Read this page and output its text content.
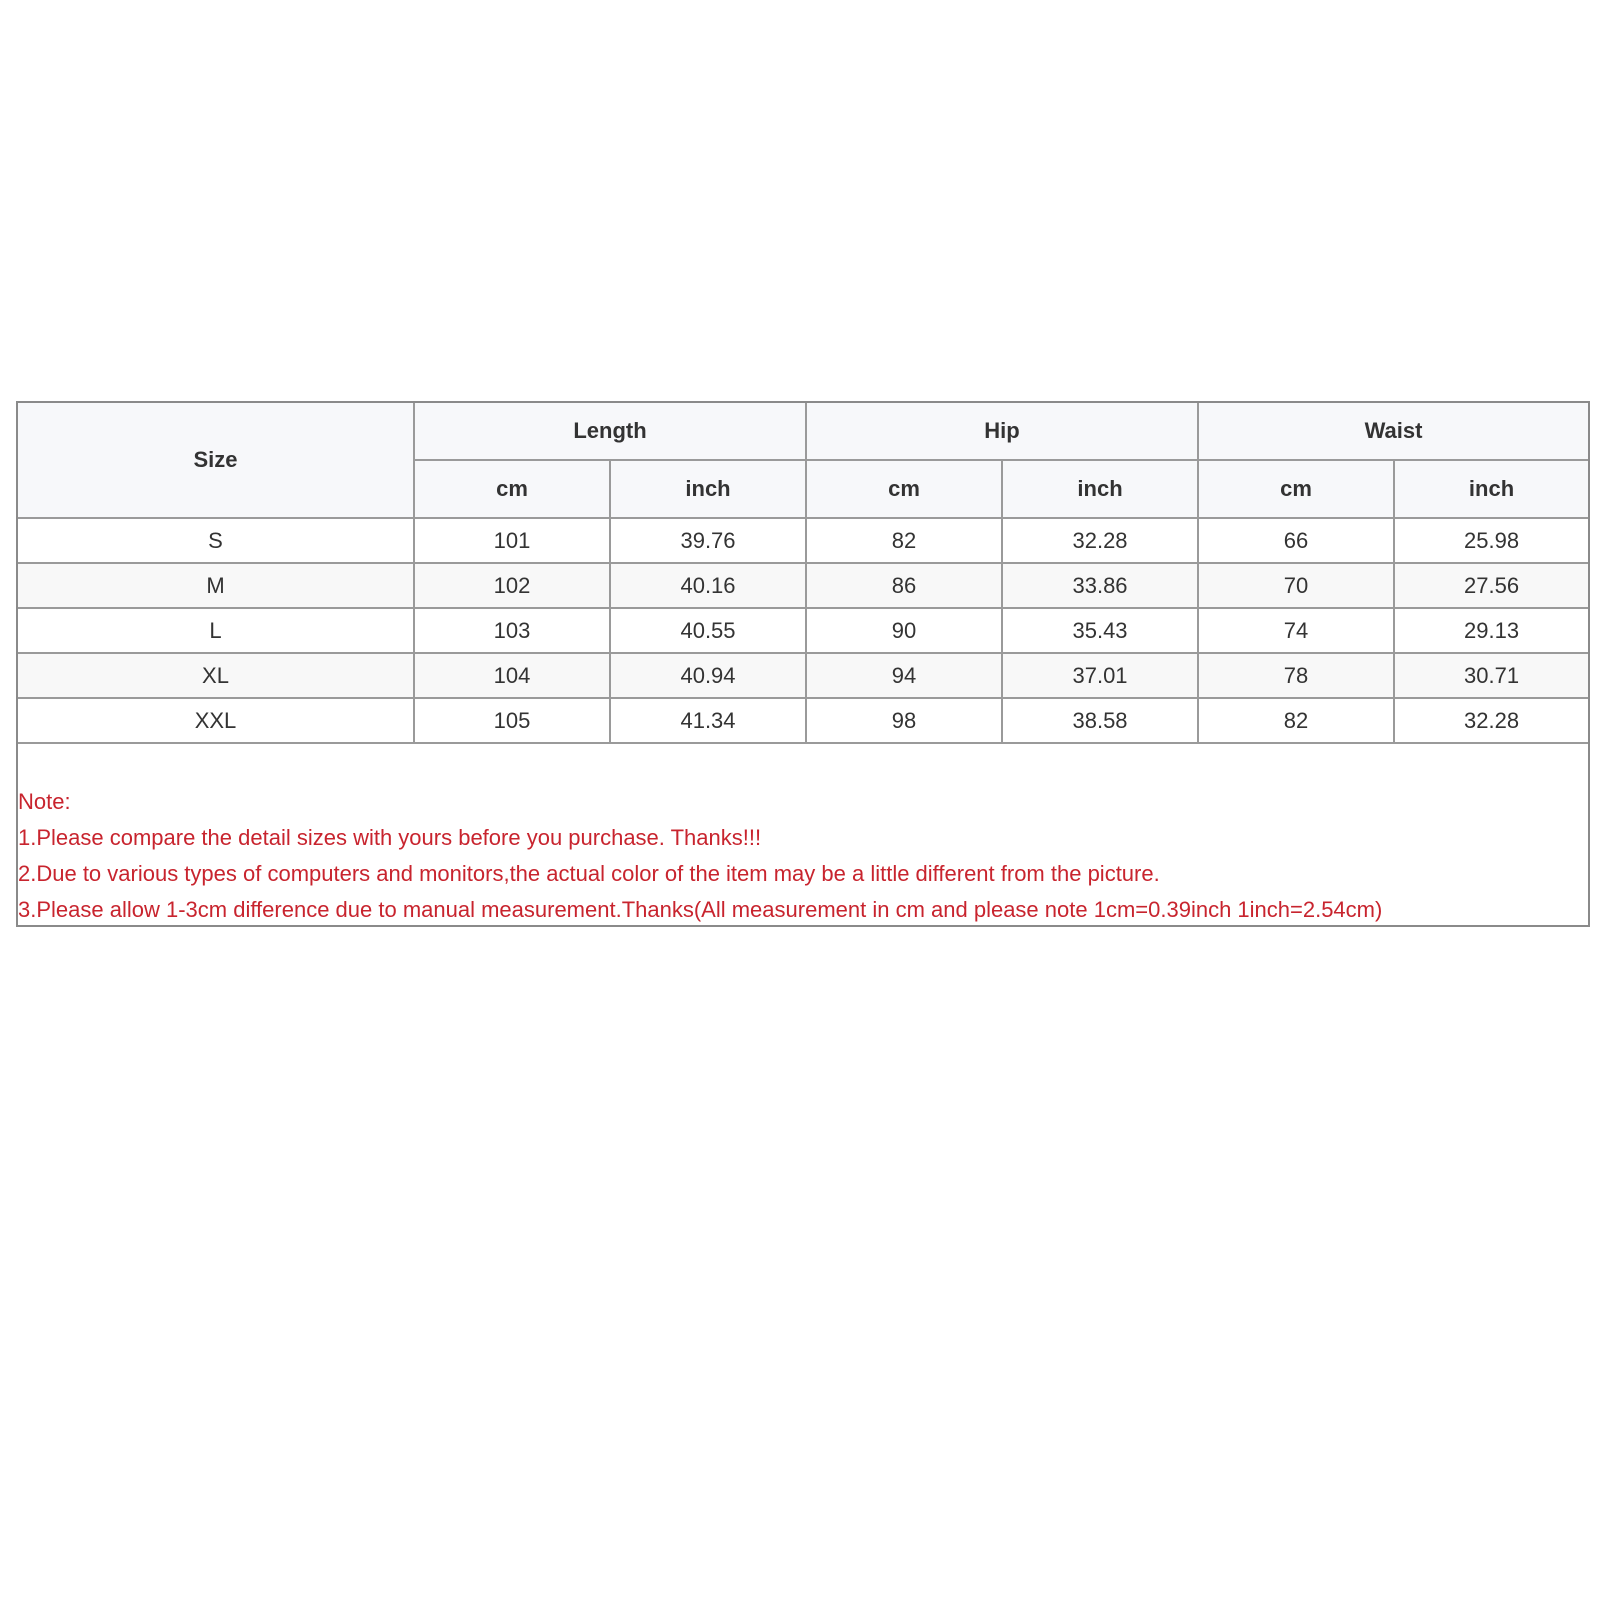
Size	Length		Hip		Waist	
	cm	inch	cm	inch	cm	inch
S	101	39.76	82	32.28	66	25.98
M	102	40.16	86	33.86	70	27.56
L	103	40.55	90	35.43	74	29.13
XL	104	40.94	94	37.01	78	30.71
XXL	105	41.34	98	38.58	82	32.28
Note:
1.Please compare the detail sizes with yours before you purchase. Thanks!!!
2.Due to various types of computers and monitors,the actual color of the item may be a little different from the picture.
3.Please allow 1-3cm difference due to manual measurement.Thanks(All measurement in cm and please note 1cm=0.39inch 1inch=2.54cm)
